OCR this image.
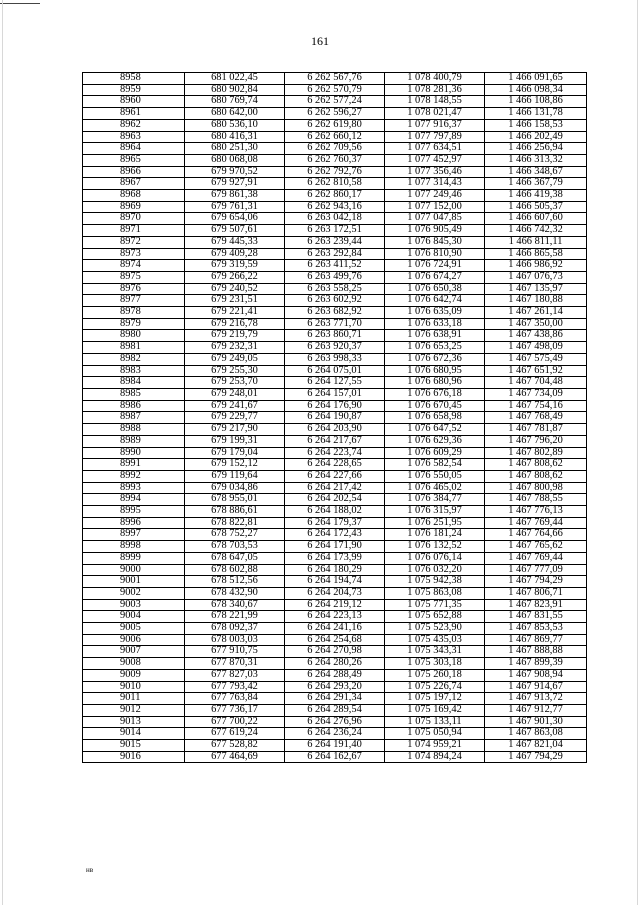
161
8958	681 022,45	6 262 567,76	1 078 400,79	1 466 091,65
8959	680 902,84	6 262 570,79	1 078 281,36	1 466 098,34
8960	680 769,74	6 262 577,24	1 078 148,55	1 466 108,86
8961	680 642,00	6 262 596,27	1 078 021,47	1 466 131,78
8962	680 536,10	6 262 619,80	1 077 916,37	1 466 158,53
8963	680 416,31	6 262 660,12	1 077 797,89	1 466 202,49
8964	680 251,30	6 262 709,56	1 077 634,51	1 466 256,94
8965	680 068,08	6 262 760,37	1 077 452,97	1 466 313,32
8966	679 970,52	6 262 792,76	1 077 356,46	1 466 348,67
8967	679 927,91	6 262 810,58	1 077 314,43	1 466 367,79
8968	679 861,38	6 262 860,17	1 077 249,46	1 466 419,38
8969	679 761,31	6 262 943,16	1 077 152,00	1 466 505,37
8970	679 654,06	6 263 042,18	1 077 047,85	1 466 607,60
8971	679 507,61	6 263 172,51	1 076 905,49	1 466 742,32
8972	679 445,33	6 263 239,44	1 076 845,30	1 466 811,11
8973	679 409,28	6 263 292,84	1 076 810,90	1 466 865,58
8974	679 319,59	6 263 411,52	1 076 724,91	1 466 986,92
8975	679 266,22	6 263 499,76	1 076 674,27	1 467 076,73
8976	679 240,52	6 263 558,25	1 076 650,38	1 467 135,97
8977	679 231,51	6 263 602,92	1 076 642,74	1 467 180,88
8978	679 221,41	6 263 682,92	1 076 635,09	1 467 261,14
8979	679 216,78	6 263 771,70	1 076 633,18	1 467 350,00
8980	679 219,79	6 263 860,71	1 076 638,91	1 467 438,86
8981	679 232,31	6 263 920,37	1 076 653,25	1 467 498,09
8982	679 249,05	6 263 998,33	1 076 672,36	1 467 575,49
8983	679 255,30	6 264 075,01	1 076 680,95	1 467 651,92
8984	679 253,70	6 264 127,55	1 076 680,96	1 467 704,48
8985	679 248,01	6 264 157,01	1 076 676,18	1 467 734,09
8986	679 241,67	6 264 176,90	1 076 670,45	1 467 754,16
8987	679 229,77	6 264 190,87	1 076 658,98	1 467 768,49
8988	679 217,90	6 264 203,90	1 076 647,52	1 467 781,87
8989	679 199,31	6 264 217,67	1 076 629,36	1 467 796,20
8990	679 179,04	6 264 223,74	1 076 609,29	1 467 802,89
8991	679 152,12	6 264 228,65	1 076 582,54	1 467 808,62
8992	679 119,64	6 264 227,66	1 076 550,05	1 467 808,62
8993	679 034,86	6 264 217,42	1 076 465,02	1 467 800,98
8994	678 955,01	6 264 202,54	1 076 384,77	1 467 788,55
8995	678 886,61	6 264 188,02	1 076 315,97	1 467 776,13
8996	678 822,81	6 264 179,37	1 076 251,95	1 467 769,44
8997	678 752,27	6 264 172,43	1 076 181,24	1 467 764,66
8998	678 703,53	6 264 171,90	1 076 132,52	1 467 765,62
8999	678 647,05	6 264 173,99	1 076 076,14	1 467 769,44
9000	678 602,88	6 264 180,29	1 076 032,20	1 467 777,09
9001	678 512,56	6 264 194,74	1 075 942,38	1 467 794,29
9002	678 432,90	6 264 204,73	1 075 863,08	1 467 806,71
9003	678 340,67	6 264 219,12	1 075 771,35	1 467 823,91
9004	678 221,99	6 264 223,13	1 075 652,88	1 467 831,55
9005	678 092,37	6 264 241,16	1 075 523,90	1 467 853,53
9006	678 003,03	6 264 254,68	1 075 435,03	1 467 869,77
9007	677 910,75	6 264 270,98	1 075 343,31	1 467 888,88
9008	677 870,31	6 264 280,26	1 075 303,18	1 467 899,39
9009	677 827,03	6 264 288,49	1 075 260,18	1 467 908,94
9010	677 793,42	6 264 293,20	1 075 226,74	1 467 914,67
9011	677 763,84	6 264 291,34	1 075 197,12	1 467 913,72
9012	677 736,17	6 264 289,54	1 075 169,42	1 467 912,77
9013	677 700,22	6 264 276,96	1 075 133,11	1 467 901,30
9014	677 619,24	6 264 236,24	1 075 050,94	1 467 863,08
9015	677 528,82	6 264 191,40	1 074 959,21	1 467 821,04
9016	677 464,69	6 264 162,67	1 074 894,24	1 467 794,29
нв
